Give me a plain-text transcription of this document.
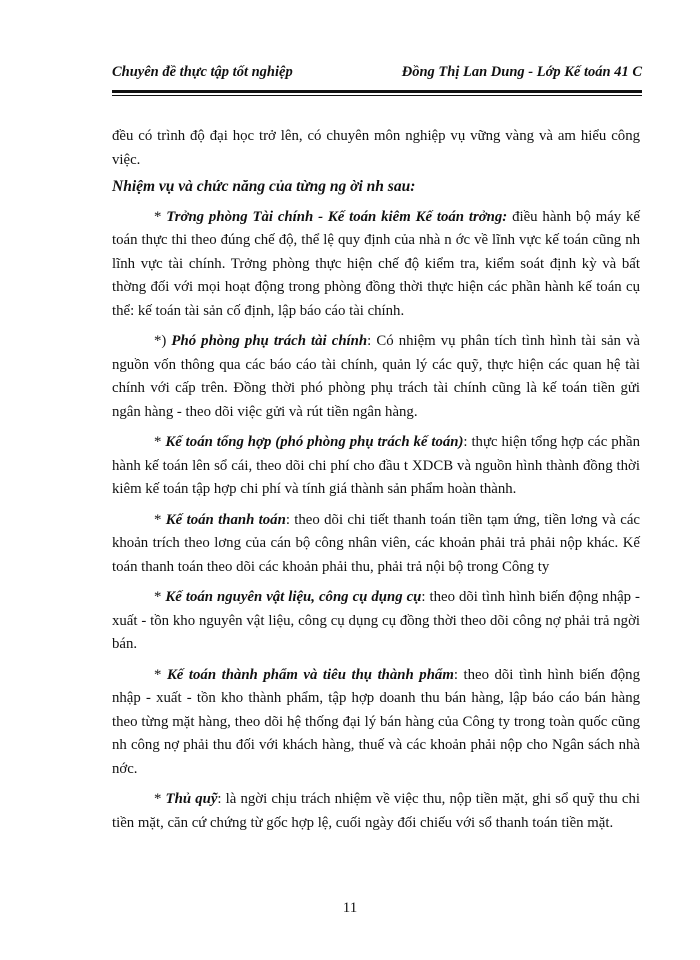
Chuyên đề thực tập tốt nghiệp	Đồng Thị Lan Dung - Lớp Kế toán 41 C

đều có trình độ đại học trở lên, có chuyên môn nghiệp vụ vững vàng và am hiểu công việc.

Nhiệm vụ và chức năng của từng ng ời nh sau:

* Trởng phòng Tài chính - Kế toán kiêm Kế toán trởng: điều hành bộ máy kế toán thực thi theo đúng chế độ, thể lệ quy định của nhà n ớc về lĩnh vực kế toán cũng nh lĩnh vực tài chính. Trởng phòng thực hiện chế độ kiểm tra, kiểm soát định kỳ và bất thờng đối với mọi hoạt động trong phòng đồng thời thực hiện các phần hành kế toán cụ thể: kế toán tài sản cố định, lập báo cáo tài chính.

*) Phó phòng phụ trách tài chính: Có nhiệm vụ phân tích tình hình tài sản và nguồn vốn thông qua các báo cáo tài chính, quản lý các quỹ, thực hiện các quan hệ tài chính với cấp trên. Đồng thời phó phòng phụ trách tài chính cũng là kế toán tiền gửi ngân hàng - theo dõi việc gửi và rút tiền ngân hàng.

* Kế toán tổng hợp (phó phòng phụ trách kế toán): thực hiện tổng hợp các phần hành kế toán lên sổ cái, theo dõi chi phí cho đầu t XDCB và nguồn hình thành đồng thời kiêm kế toán tập hợp chi phí và tính giá thành sản phẩm hoàn thành.

* Kế toán thanh toán: theo dõi chi tiết thanh toán tiền tạm ứng, tiền lơng và các khoản trích theo lơng của cán bộ công nhân viên, các khoản phải trả phải nộp khác. Kế toán thanh toán theo dõi các khoản phải thu, phải trả nội bộ trong Công ty

* Kế toán nguyên vật liệu, công cụ dụng cụ: theo dõi tình hình biến động nhập - xuất - tồn kho nguyên vật liệu, công cụ dụng cụ đồng thời theo dõi công nợ phải trả ngời bán.

* Kế toán thành phẩm và tiêu thụ thành phẩm: theo dõi tình hình biến động nhập - xuất - tồn kho thành phẩm, tập hợp doanh thu bán hàng, lập báo cáo bán hàng theo từng mặt hàng, theo dõi hệ thống đại lý bán hàng của Công ty trong toàn quốc cũng nh công nợ phải thu đối với khách hàng, thuế và các khoản phải nộp cho Ngân sách nhà nớc.

* Thủ quỹ: là ngời chịu trách nhiệm về việc thu, nộp tiền mặt, ghi sổ quỹ thu chi tiền mặt, căn cứ chứng từ gốc hợp lệ, cuối ngày đối chiếu với sổ thanh toán tiền mặt.

11
